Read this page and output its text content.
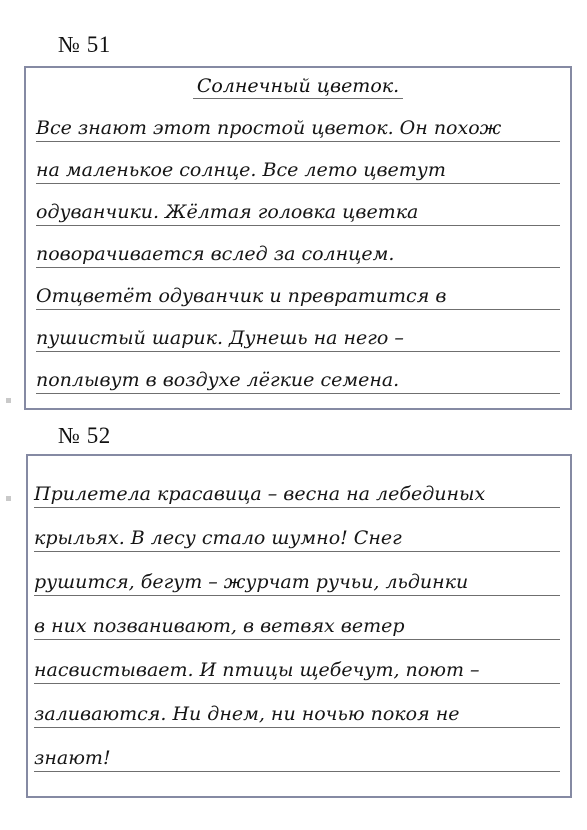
№ 51
Солнечный цветок.
Все знают этот простой цветок. Он похож
на маленькое солнце. Все лето цветут
одуванчики. Жёлтая головка цветка
поворачивается вслед за солнцем.
Отцветёт одуванчик и превратится в
пушистый шарик. Дунешь на него –
поплывут в воздухе лёгкие семена.
№ 52
Прилетела красавица – весна на лебединых
крыльях. В лесу стало шумно! Снег
рушится, бегут – журчат ручьи, льдинки
в них позванивают, в ветвях ветер
насвистывает. И птицы щебечут, поют –
заливаются. Ни днем, ни ночью покоя не
знают!
